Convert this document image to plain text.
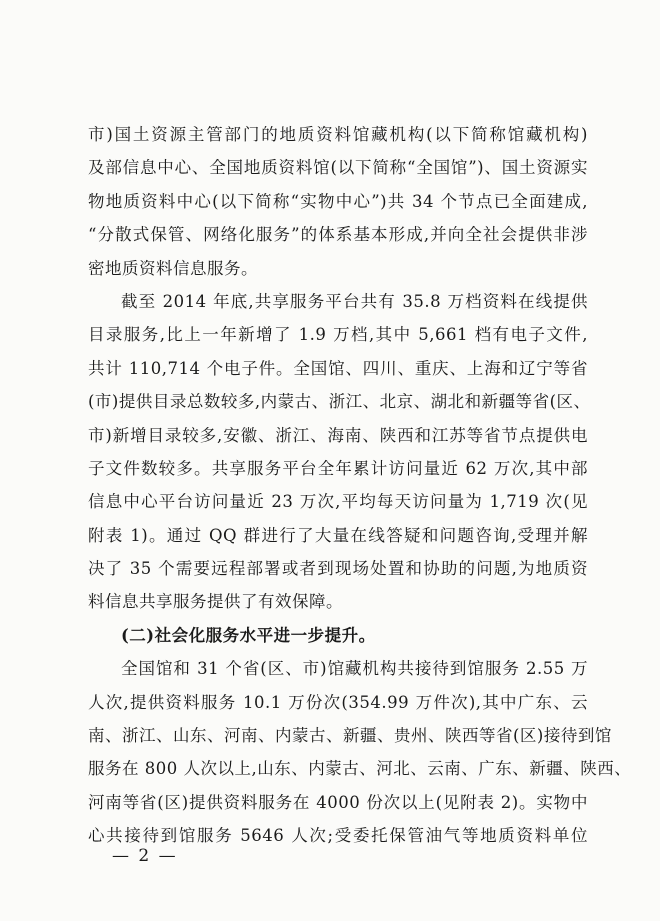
市)国土资源主管部门的地质资料馆藏机构(以下简称馆藏机构)
及部信息中心、全国地质资料馆(以下简称“全国馆”)、国土资源实
物地质资料中心(以下简称“实物中心”)共 34 个节点已全面建成,
“分散式保管、网络化服务”的体系基本形成,并向全社会提供非涉
密地质资料信息服务。
截至 2014 年底,共享服务平台共有 35.8 万档资料在线提供
目录服务,比上一年新增了 1.9 万档,其中 5,661 档有电子文件,
共计 110,714 个电子件。全国馆、四川、重庆、上海和辽宁等省
(市)提供目录总数较多,内蒙古、浙江、北京、湖北和新疆等省(区、
市)新增目录较多,安徽、浙江、海南、陕西和江苏等省节点提供电
子文件数较多。共享服务平台全年累计访问量近 62 万次,其中部
信息中心平台访问量近 23 万次,平均每天访问量为 1,719 次(见
附表 1)。通过 QQ 群进行了大量在线答疑和问题咨询,受理并解
决了 35 个需要远程部署或者到现场处置和协助的问题,为地质资
料信息共享服务提供了有效保障。
(二)社会化服务水平进一步提升。
全国馆和 31 个省(区、市)馆藏机构共接待到馆服务 2.55 万
人次,提供资料服务 10.1 万份次(354.99 万件次),其中广东、云
南、浙江、山东、河南、内蒙古、新疆、贵州、陕西等省(区)接待到馆
服务在 800 人次以上,山东、内蒙古、河北、云南、广东、新疆、陕西、
河南等省(区)提供资料服务在 4000 份次以上(见附表 2)。实物中
心共接待到馆服务 5646 人次;受委托保管油气等地质资料单位
— 2 —
